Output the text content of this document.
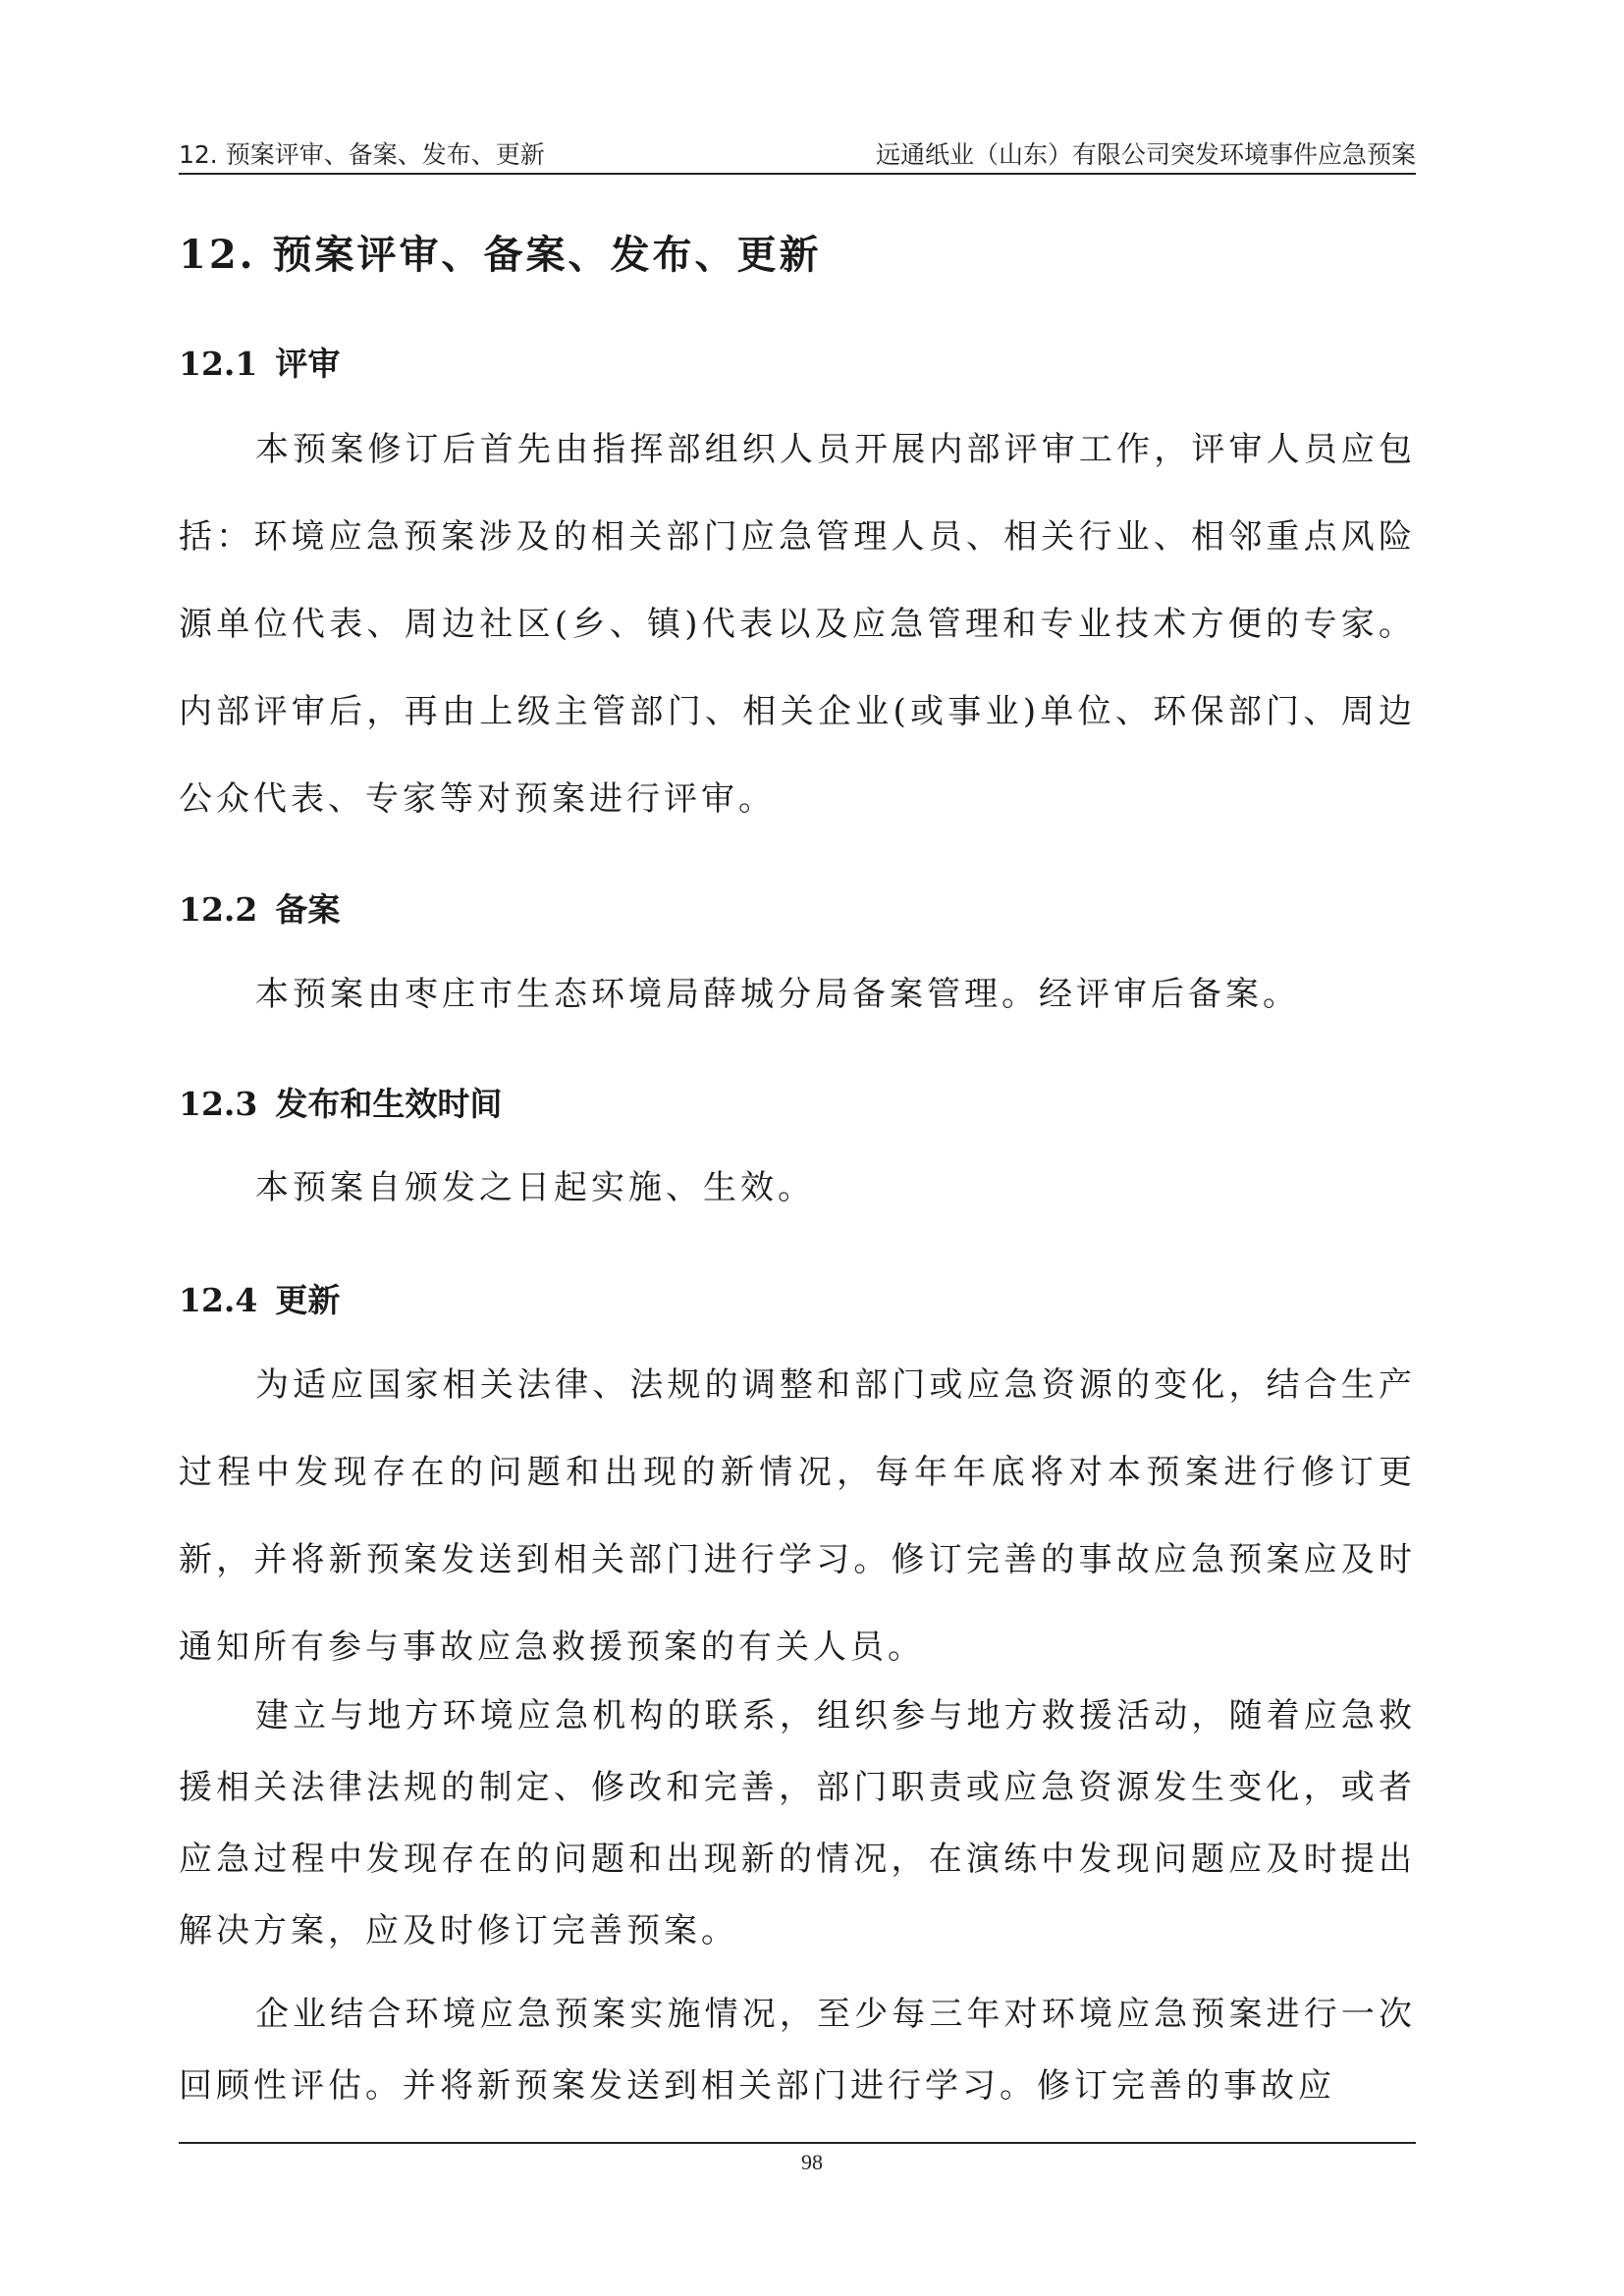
12. 预案评审、备案、发布、更新	远通纸业（山东）有限公司突发环境事件应急预案
12. 预案评审、备案、发布、更新
12.1 评审

本预案修订后首先由指挥部组织人员开展内部评审工作，评审人员应包括：环境应急预案涉及的相关部门应急管理人员、相关行业、相邻重点风险源单位代表、周边社区(乡、镇)代表以及应急管理和专业技术方便的专家。内部评审后，再由上级主管部门、相关企业(或事业)单位、环保部门、周边公众代表、专家等对预案进行评审。

12.2 备案

本预案由枣庄市生态环境局薛城分局备案管理。经评审后备案。

12.3 发布和生效时间

本预案自颁发之日起实施、生效。

12.4 更新

为适应国家相关法律、法规的调整和部门或应急资源的变化，结合生产过程中发现存在的问题和出现的新情况，每年年底将对本预案进行修订更新，并将新预案发送到相关部门进行学习。修订完善的事故应急预案应及时通知所有参与事故应急救援预案的有关人员。

建立与地方环境应急机构的联系，组织参与地方救援活动，随着应急救援相关法律法规的制定、修改和完善，部门职责或应急资源发生变化，或者应急过程中发现存在的问题和出现新的情况，在演练中发现问题应及时提出解决方案，应及时修订完善预案。

企业结合环境应急预案实施情况，至少每三年对环境应急预案进行一次回顾性评估。并将新预案发送到相关部门进行学习。修订完善的事故应

98
